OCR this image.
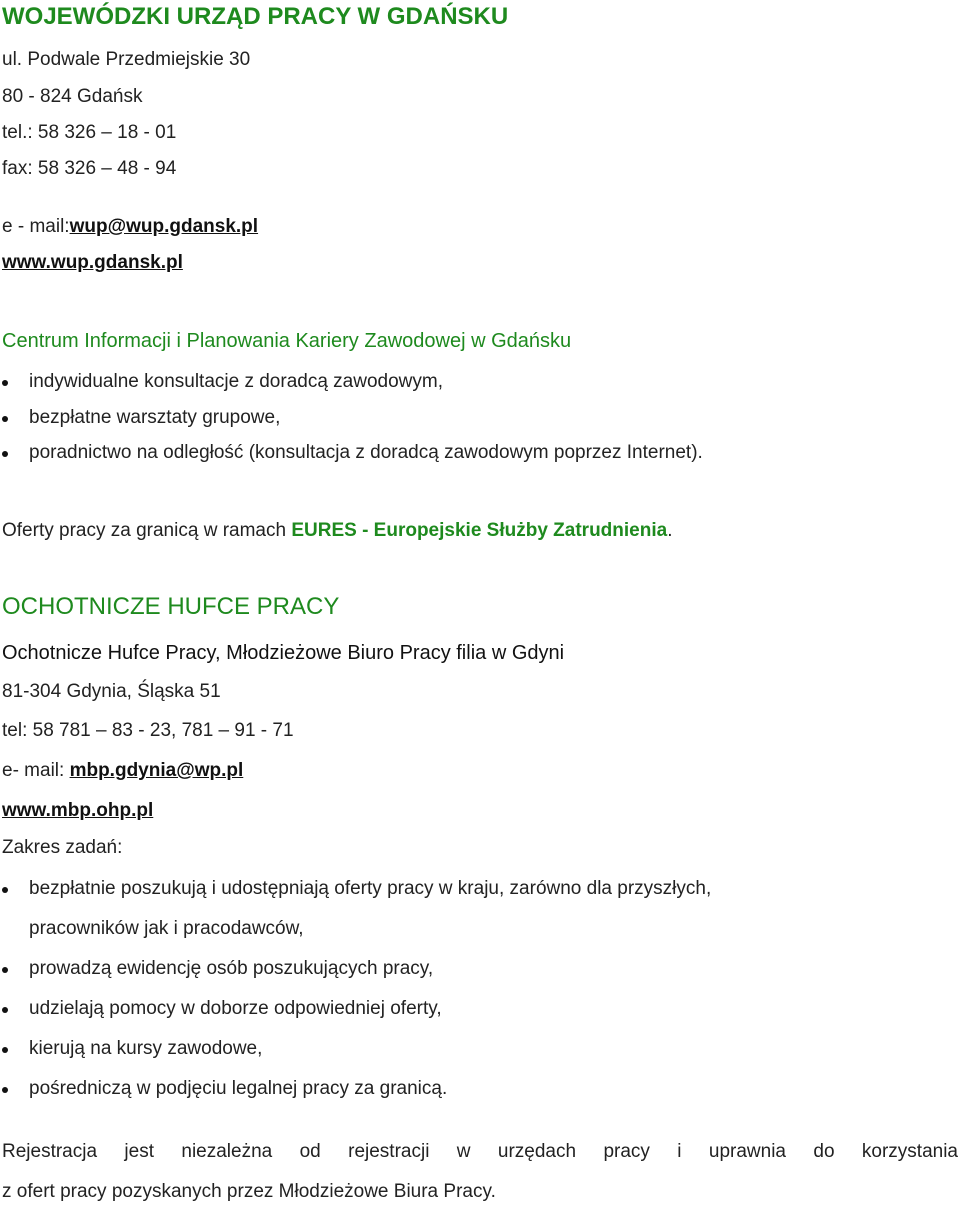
WOJEWÓDZKI URZĄD PRACY W GDAŃSKU
ul. Podwale Przedmiejskie 30
80 - 824 Gdańsk
tel.: 58 326 – 18 - 01
fax: 58 326 – 48 - 94
e - mail:wup@wup.gdansk.pl
www.wup.gdansk.pl
Centrum Informacji i Planowania Kariery Zawodowej w Gdańsku
indywidualne konsultacje z doradcą zawodowym,
bezpłatne warsztaty grupowe,
poradnictwo na odległość (konsultacja z doradcą zawodowym poprzez Internet).
Oferty pracy za granicą w ramach EURES - Europejskie Służby Zatrudnienia.
OCHOTNICZE HUFCE PRACY
Ochotnicze Hufce Pracy, Młodzieżowe Biuro Pracy filia w Gdyni
81-304 Gdynia, Śląska 51
tel: 58 781 – 83 - 23, 781 – 91 - 71
e- mail: mbp.gdynia@wp.pl
www.mbp.ohp.pl
Zakres zadań:
bezpłatnie poszukują i udostępniają oferty pracy w kraju, zarówno dla przyszłych,
pracowników jak i pracodawców,
prowadzą ewidencję osób poszukujących pracy,
udzielają pomocy w doborze odpowiedniej oferty,
kierują na kursy zawodowe,
pośredniczą w podjęciu legalnej pracy za granicą.
Rejestracja jest niezależna od rejestracji w urzędach pracy i uprawnia do korzystania
z ofert pracy pozyskanych przez Młodzieżowe Biura Pracy.
